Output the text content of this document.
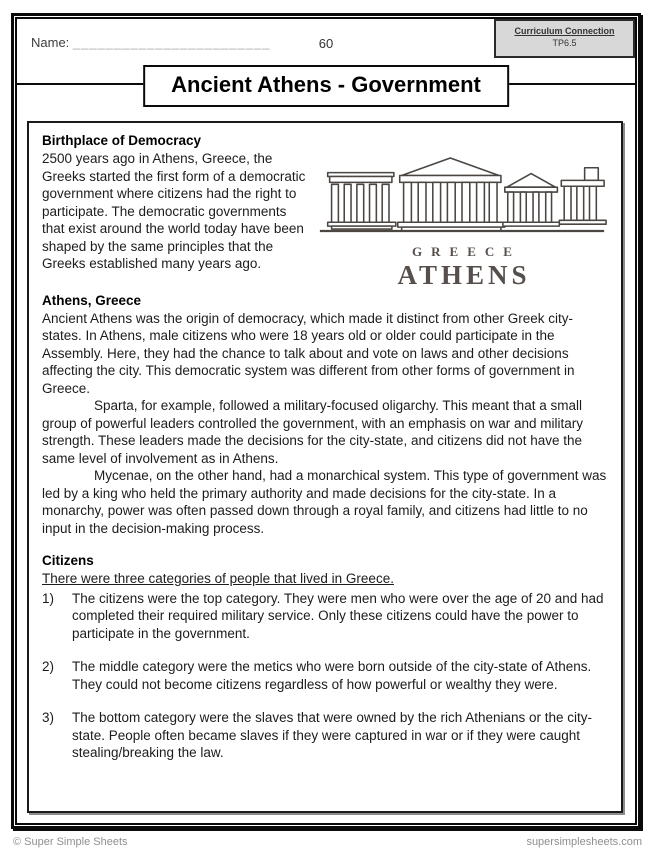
Name: ________________________	60
Curriculum Connection
TP6.5
Ancient Athens - Government
Birthplace of Democracy
GREECE
ATHENS

2500 years ago in Athens, Greece, the Greeks started the first form of a democratic government where citizens had the right to participate. The democratic governments that exist around the world today have been shaped by the same principles that the Greeks established many years ago.

Athens, Greece

Ancient Athens was the origin of democracy, which made it distinct from other Greek city-states. In Athens, male citizens who were 18 years old or older could participate in the Assembly. Here, they had the chance to talk about and vote on laws and other decisions affecting the city. This democratic system was different from other forms of government in Greece.

Sparta, for example, followed a military-focused oligarchy. This meant that a small group of powerful leaders controlled the government, with an emphasis on war and military strength. These leaders made the decisions for the city-state, and citizens did not have the same level of involvement as in Athens.

Mycenae, on the other hand, had a monarchical system. This type of government was led by a king who held the primary authority and made decisions for the city-state. In a monarchy, power was often passed down through a royal family, and citizens had little to no input in the decision-making process.

Citizens

There were three categories of people that lived in Greece.

1)	The citizens were the top category. They were men who were over the age of 20 and had completed their required military service. Only these citizens could have the power to participate in the government.
2)	The middle category were the metics who were born outside of the city-state of Athens. They could not become citizens regardless of how powerful or wealthy they were.
3)	The bottom category were the slaves that were owned by the rich Athenians or the city-state. People often became slaves if they were captured in war or if they were caught stealing/breaking the law.
© Super Simple Sheets	supersimplesheets.com
